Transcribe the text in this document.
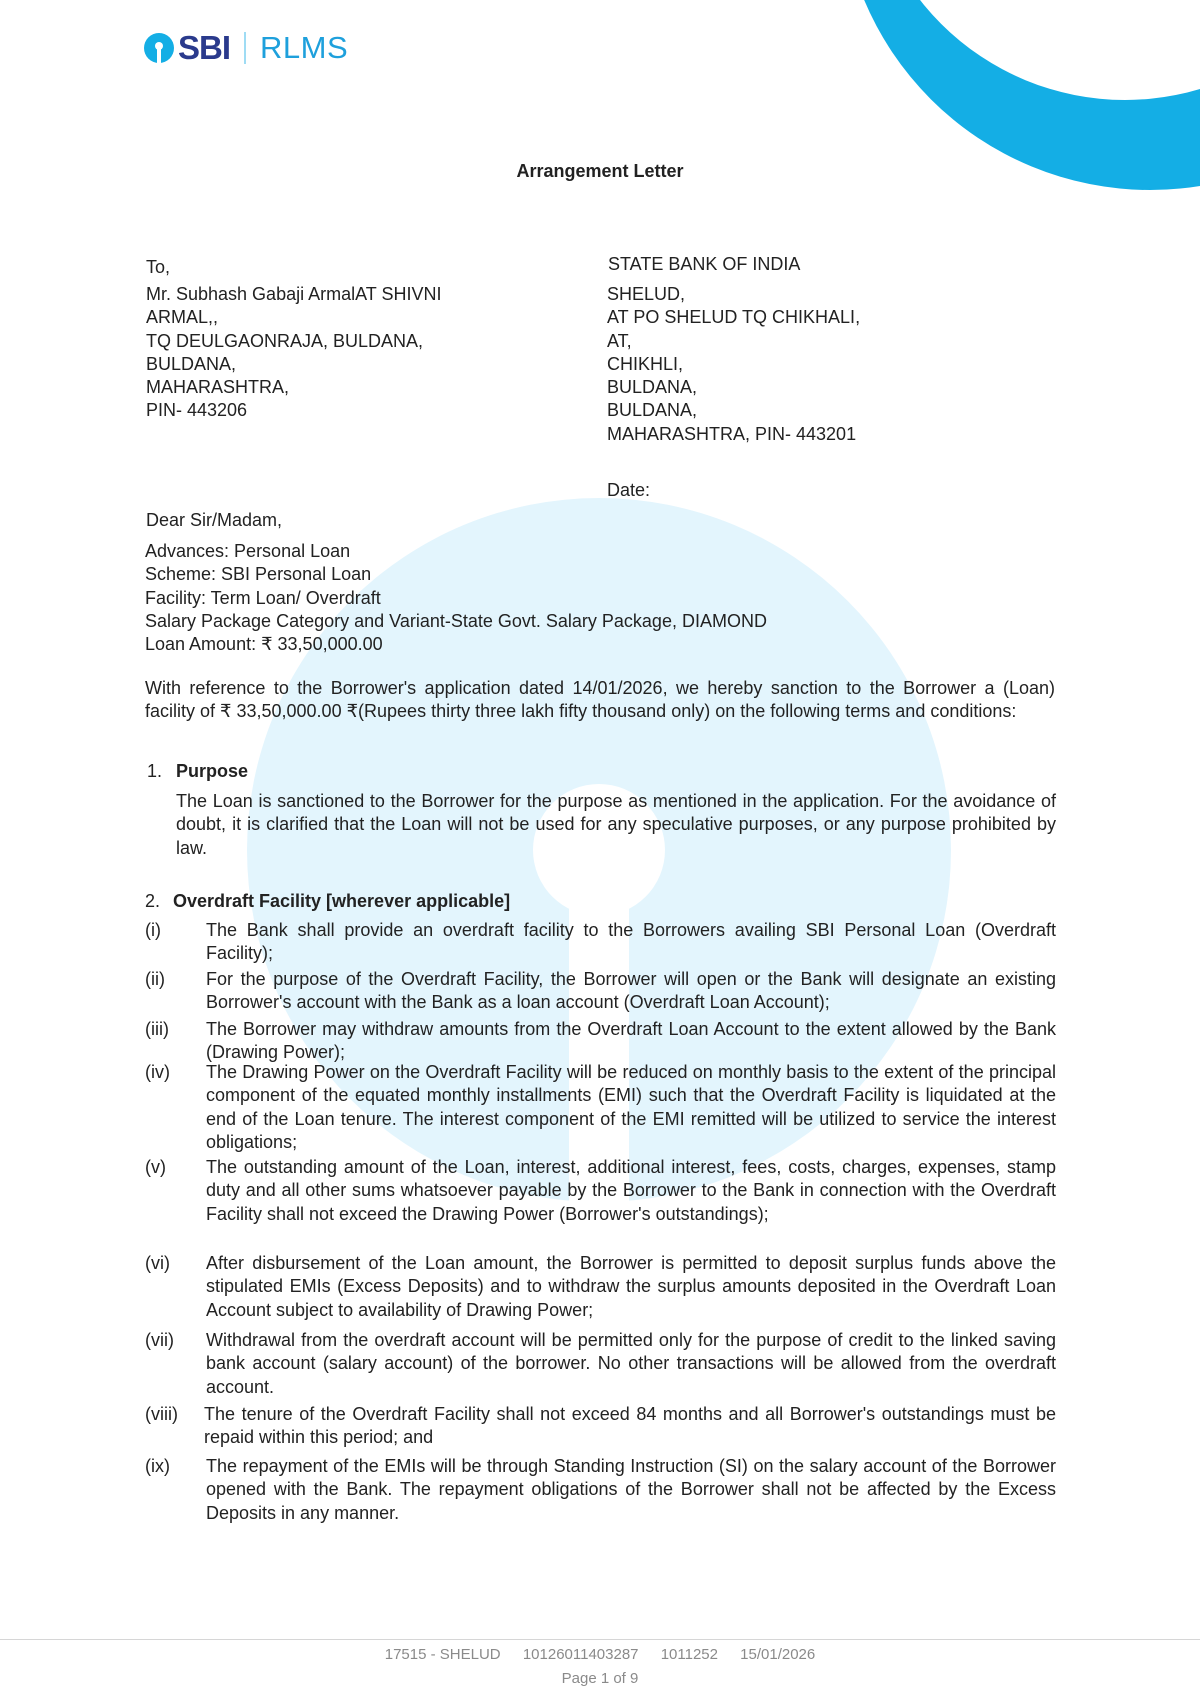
SBI RLMS
Arrangement Letter
To,
Mr. Subhash Gabaji ArmalAT SHIVNI
ARMAL,,
TQ DEULGAONRAJA, BULDANA,
BULDANA,
MAHARASHTRA,
PIN- 443206
STATE BANK OF INDIA
SHELUD,
AT PO SHELUD TQ CHIKHALI,
AT,
CHIKHLI,
BULDANA,
BULDANA,
MAHARASHTRA, PIN- 443201
Date:
Dear Sir/Madam,
Advances: Personal Loan
Scheme: SBI Personal Loan
Facility: Term Loan/ Overdraft
Salary Package Category and Variant-State Govt. Salary Package, DIAMOND
Loan Amount: ₹ 33,50,000.00
With reference to the Borrower's application dated 14/01/2026, we hereby sanction to the Borrower a (Loan) facility of ₹ 33,50,000.00 ₹(Rupees thirty three lakh fifty thousand only) on the following terms and conditions:
1. Purpose
The Loan is sanctioned to the Borrower for the purpose as mentioned in the application. For the avoidance of doubt, it is clarified that the Loan will not be used for any speculative purposes, or any purpose prohibited by law.
2. Overdraft Facility [wherever applicable]
(i)	The Bank shall provide an overdraft facility to the Borrowers availing SBI Personal Loan (Overdraft Facility);
(ii) For the purpose of the Overdraft Facility, the Borrower will open or the Bank will designate an existing Borrower's account with the Bank as a loan account (Overdraft Loan Account);
(iii) The Borrower may withdraw amounts from the Overdraft Loan Account to the extent allowed by the Bank (Drawing Power);
(iv) The Drawing Power on the Overdraft Facility will be reduced on monthly basis to the extent of the principal component of the equated monthly installments (EMI) such that the Overdraft Facility is liquidated at the end of the Loan tenure. The interest component of the EMI remitted will be utilized to service the interest obligations;
(v) The outstanding amount of the Loan, interest, additional interest, fees, costs, charges, expenses, stamp duty and all other sums whatsoever payable by the Borrower to the Bank in connection with the Overdraft Facility shall not exceed the Drawing Power (Borrower's outstandings);
(vi) After disbursement of the Loan amount, the Borrower is permitted to deposit surplus funds above the stipulated EMIs (Excess Deposits) and to withdraw the surplus amounts deposited in the Overdraft Loan Account subject to availability of Drawing Power;
(vii) Withdrawal from the overdraft account will be permitted only for the purpose of credit to the linked saving bank account (salary account) of the borrower. No other transactions will be allowed from the overdraft account.
(viii) The tenure of the Overdraft Facility shall not exceed 84 months and all Borrower's outstandings must be repaid within this period; and
(ix) The repayment of the EMIs will be through Standing Instruction (SI) on the salary account of the Borrower opened with the Bank. The repayment obligations of the Borrower shall not be affected by the Excess Deposits in any manner.
17515 - SHELUD 10126011403287 1011252 15/01/2026
Page 1 of 9
